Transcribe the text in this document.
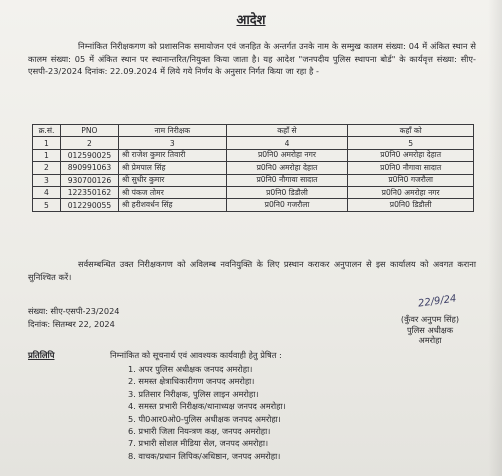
आदेश

निम्नांकित निरीक्षकगण को प्रशासनिक समायोजन एवं जनहित के अन्तर्गत उनके नाम के सम्मुख कालम संख्या: 04 में अंकित स्थान से कालम संख्या: 05 में अंकित स्थान पर स्थानान्तरित/नियुक्त किया जाता है। यह आदेश "जनपदीय पुलिस स्थापना बोर्ड" के कार्यवृत्त संख्या: सीए-एसपी-23/2024 दिनांक: 22.09.2024 में लिये गये निर्णय के अनुसार निर्गत किया जा रहा है -

क्र.सं.	PNO	नाम निरीक्षक	कहाँ से	कहाँ को
1	2	3	4	5
1	012590025	श्री राजेश कुमार तिवारी	प्र0नि0 अमरोहा नगर	प्र0नि0 अमरोहा देहात
2	890991063	श्री प्रेमपाल सिंह	प्र0नि0 अमरोहा देहात	प्र0नि0 नौगावा सादात
3	930700126	श्री सुधीर कुमार	प्र0नि0 नौगावा सादात	प्र0नि0 गजरौला
4	122350162	श्री पंकज तोमर	प्र0नि0 डिडौली	प्र0नि0 अमरोहा नगर
5	012290055	श्री हरीशवर्धन सिंह	प्र0नि0 गजरौला	प्र0नि0 डिडौली

सर्वसम्बन्धित उक्त निरीक्षकगण को अविलम्ब नवनियुक्ति के लिए प्रस्थान कराकर अनुपालन से इस कार्यालय को अवगत कराना सुनिश्चित करें।

22/9/24
संख्या: सीए-एसपी-23/2024
दिनांक: सितम्बर 22, 2024	(कुँवर अनुपम सिंह)
पुलिस अधीक्षक
अमरोहा
प्रतिलिपि	निम्नांकित को सूचनार्थ एवं आवश्यक कार्यवाही हेतु प्रेषित :
1. अपर पुलिस अधीक्षक जनपद अमरोहा।
2. समस्त क्षेत्राधिकारीगण जनपद अमरोहा।
3. प्रतिसार निरीक्षक, पुलिस लाइन अमरोहा।
4. समस्त प्रभारी निरीक्षक/थानाध्यक्ष जनपद अमरोहा।
5. पी0आर0ओ0-पुलिस अधीक्षक जनपद अमरोहा।
6. प्रभारी जिला नियन्त्रण कक्ष, जनपद अमरोहा।
7. प्रभारी सोशल मीडिया सेल, जनपद अमरोहा।
8. वाचक/प्रधान लिपिक/अधिष्ठान, जनपद अमरोहा।
